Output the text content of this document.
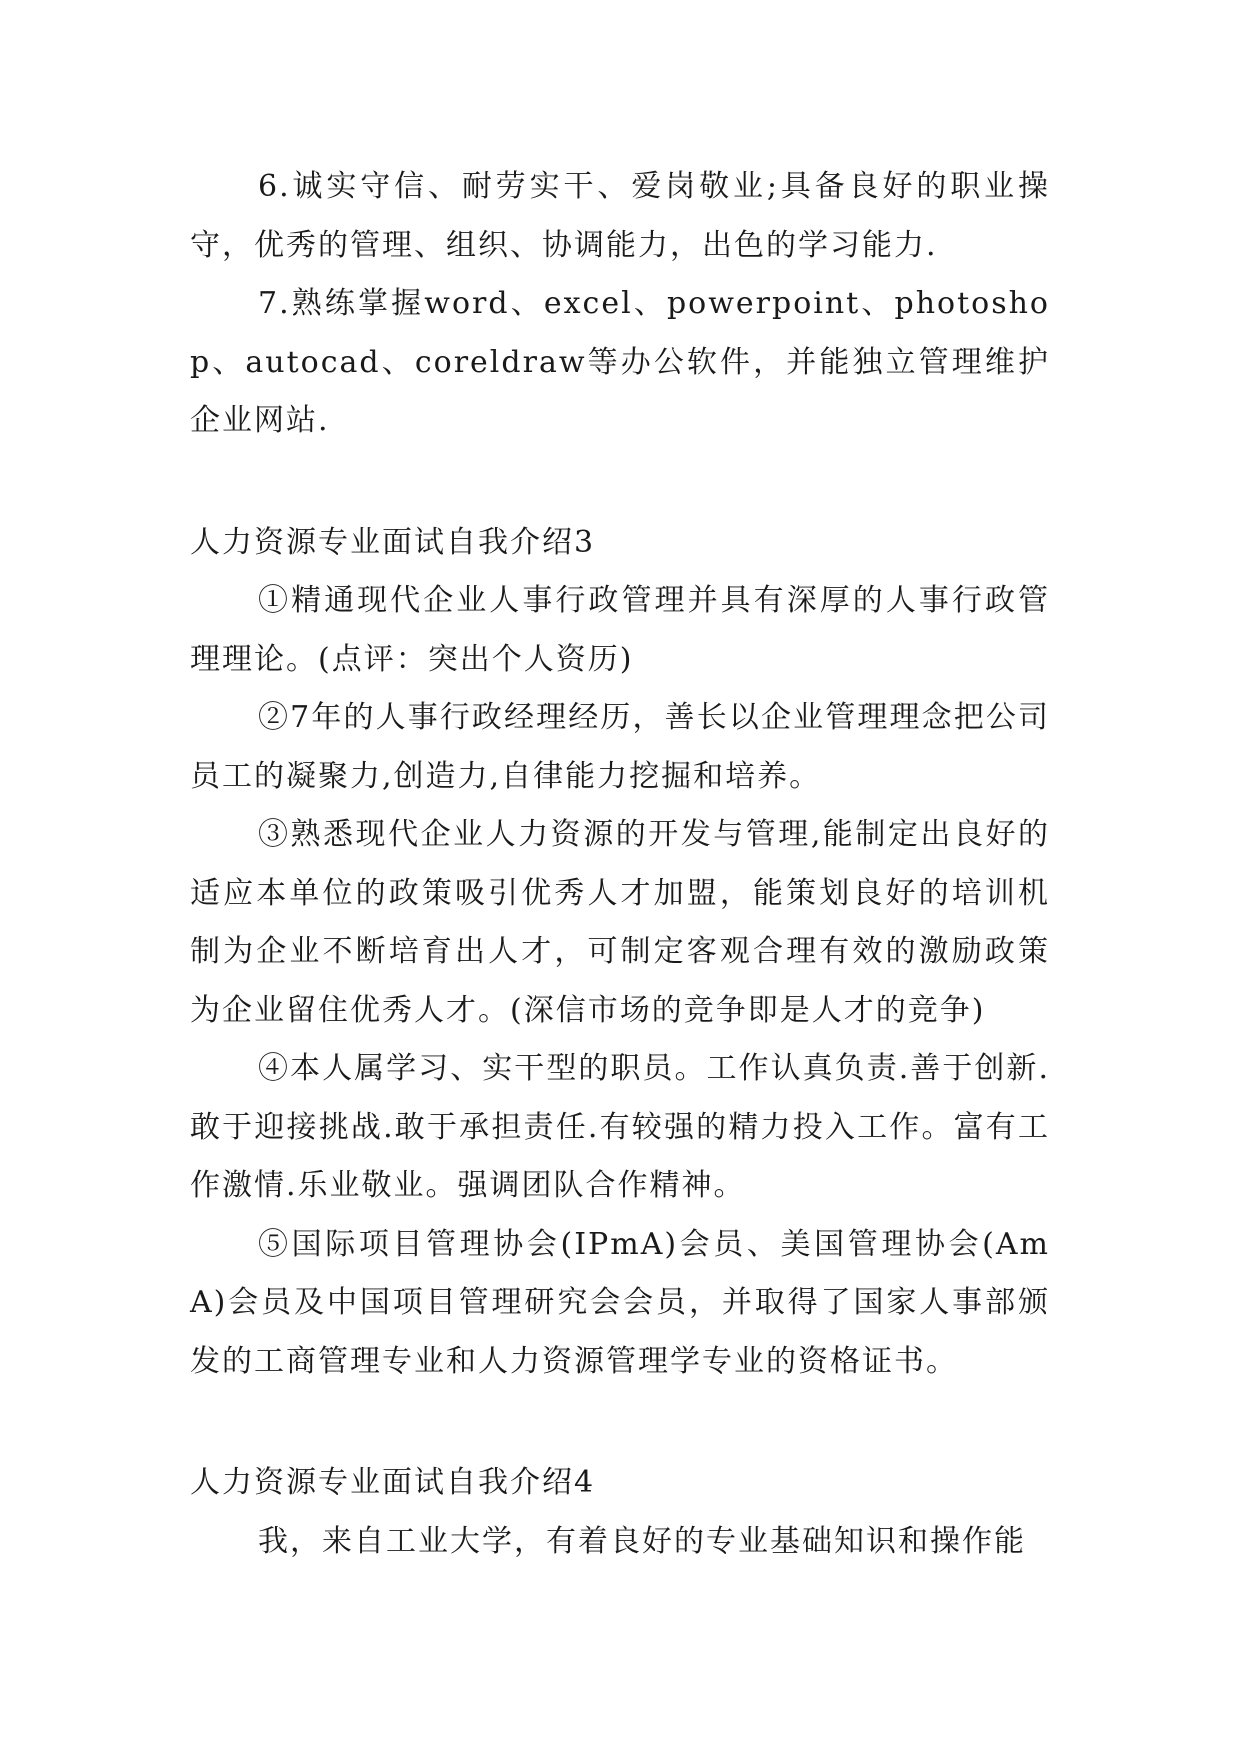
6.诚实守信、耐劳实干、爱岗敬业;具备良好的职业操守，优秀的管理、组织、协调能力，出色的学习能力.

7.熟练掌握word、excel、powerpoint、photoshop、autocad、coreldraw等办公软件，并能独立管理维护企业网站.

人力资源专业面试自我介绍3

①精通现代企业人事行政管理并具有深厚的人事行政管理理论。(点评：突出个人资历)

②7年的人事行政经理经历，善长以企业管理理念把公司员工的凝聚力,创造力,自律能力挖掘和培养。

③熟悉现代企业人力资源的开发与管理,能制定出良好的适应本单位的政策吸引优秀人才加盟，能策划良好的培训机制为企业不断培育出人才，可制定客观合理有效的激励政策为企业留住优秀人才。(深信市场的竞争即是人才的竞争)

④本人属学习、实干型的职员。工作认真负责.善于创新.敢于迎接挑战.敢于承担责任.有较强的精力投入工作。富有工作激情.乐业敬业。强调团队合作精神。

⑤国际项目管理协会(IPmA)会员、美国管理协会(AmA)会员及中国项目管理研究会会员，并取得了国家人事部颁发的工商管理专业和人力资源管理学专业的资格证书。

人力资源专业面试自我介绍4

我，来自工业大学，有着良好的专业基础知识和操作能
